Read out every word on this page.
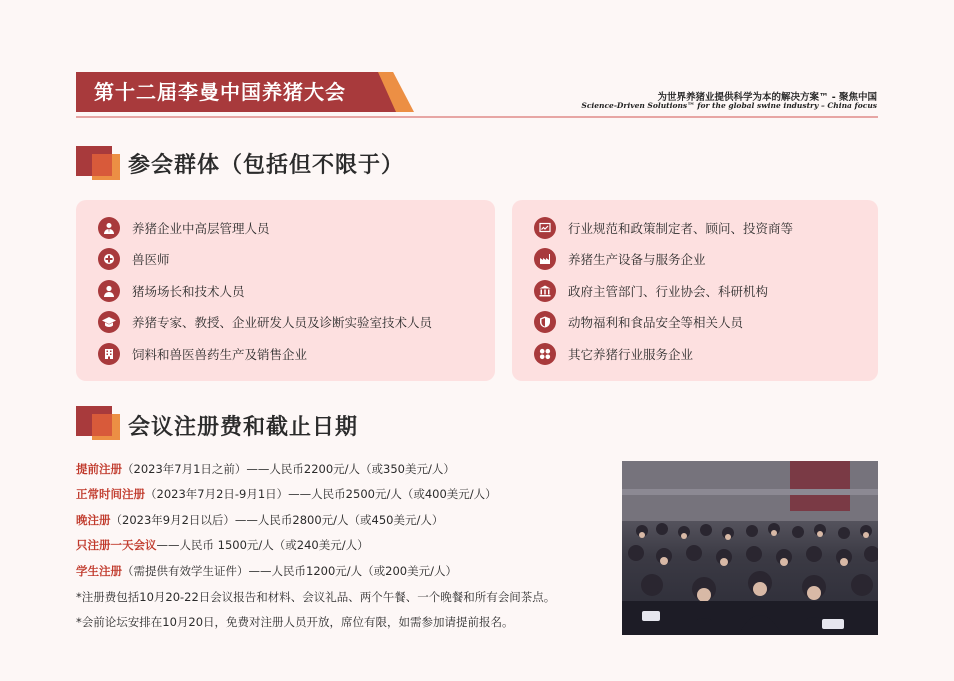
第十二届李曼中国养猪大会	为世界养猪业提供科学为本的解决方案™ - 聚焦中国
Science-Driven Solutions™ for the global swine industry – China focus
参会群体（包括但不限于）
养猪企业中高层管理人员
兽医师
猪场场长和技术人员
养猪专家、教授、企业研发人员及诊断实验室技术人员
饲料和兽医兽药生产及销售企业
行业规范和政策制定者、顾问、投资商等
养猪生产设备与服务企业
政府主管部门、行业协会、科研机构
动物福利和食品安全等相关人员
其它养猪行业服务企业
会议注册费和截止日期
提前注册（2023年7月1日之前）——人民币2200元/人（或350美元/人）
正常时间注册（2023年7月2日-9月1日）——人民币2500元/人（或400美元/人）
晚注册（2023年9月2日以后）——人民币2800元/人（或450美元/人）
只注册一天会议——人民币 1500元/人（或240美元/人）
学生注册（需提供有效学生证件）——人民币1200元/人（或200美元/人）
*注册费包括10月20-22日会议报告和材料、会议礼品、两个午餐、一个晚餐和所有会间茶点。
*会前论坛安排在10月20日，免费对注册人员开放，席位有限，如需参加请提前报名。
